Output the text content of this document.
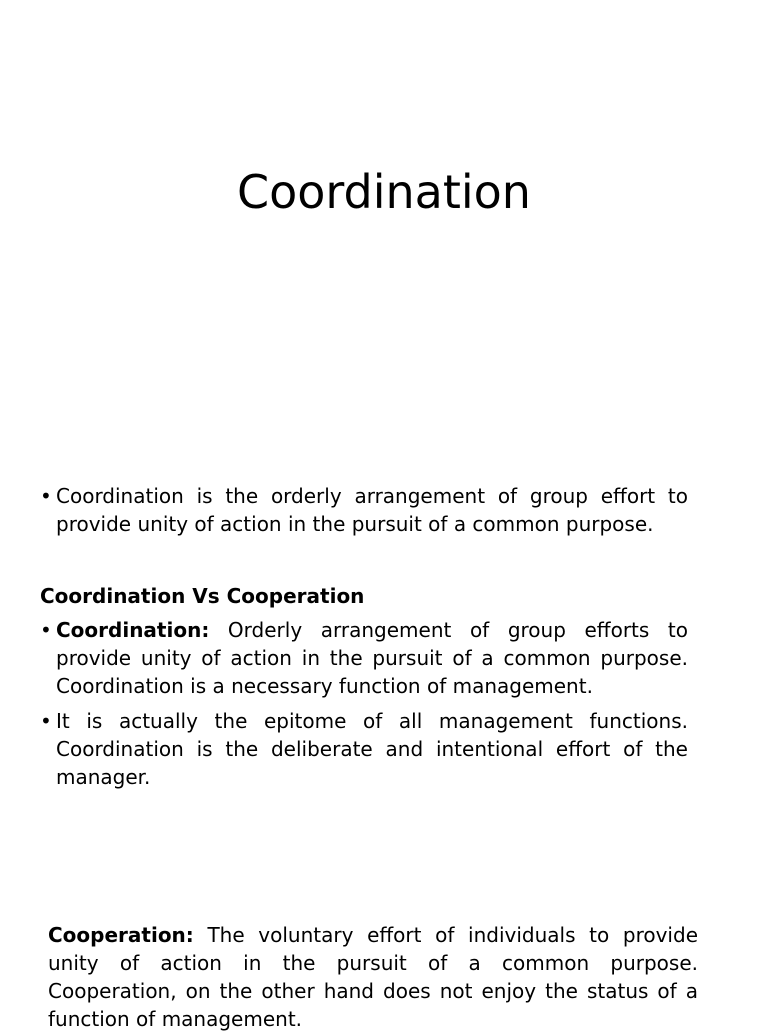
Coordination

• Coordination is the orderly arrangement of group effort to provide unity of action in the pursuit of a common purpose.

Coordination Vs Cooperation

• Coordination: Orderly arrangement of group efforts to provide unity of action in the pursuit of a common purpose. Coordination is a necessary function of management.

• It is actually the epitome of all management functions. Coordination is the deliberate and intentional effort of the manager.

Cooperation: The voluntary effort of individuals to provide unity of action in the pursuit of a common purpose. Cooperation, on the other hand does not enjoy the status of a function of management.
